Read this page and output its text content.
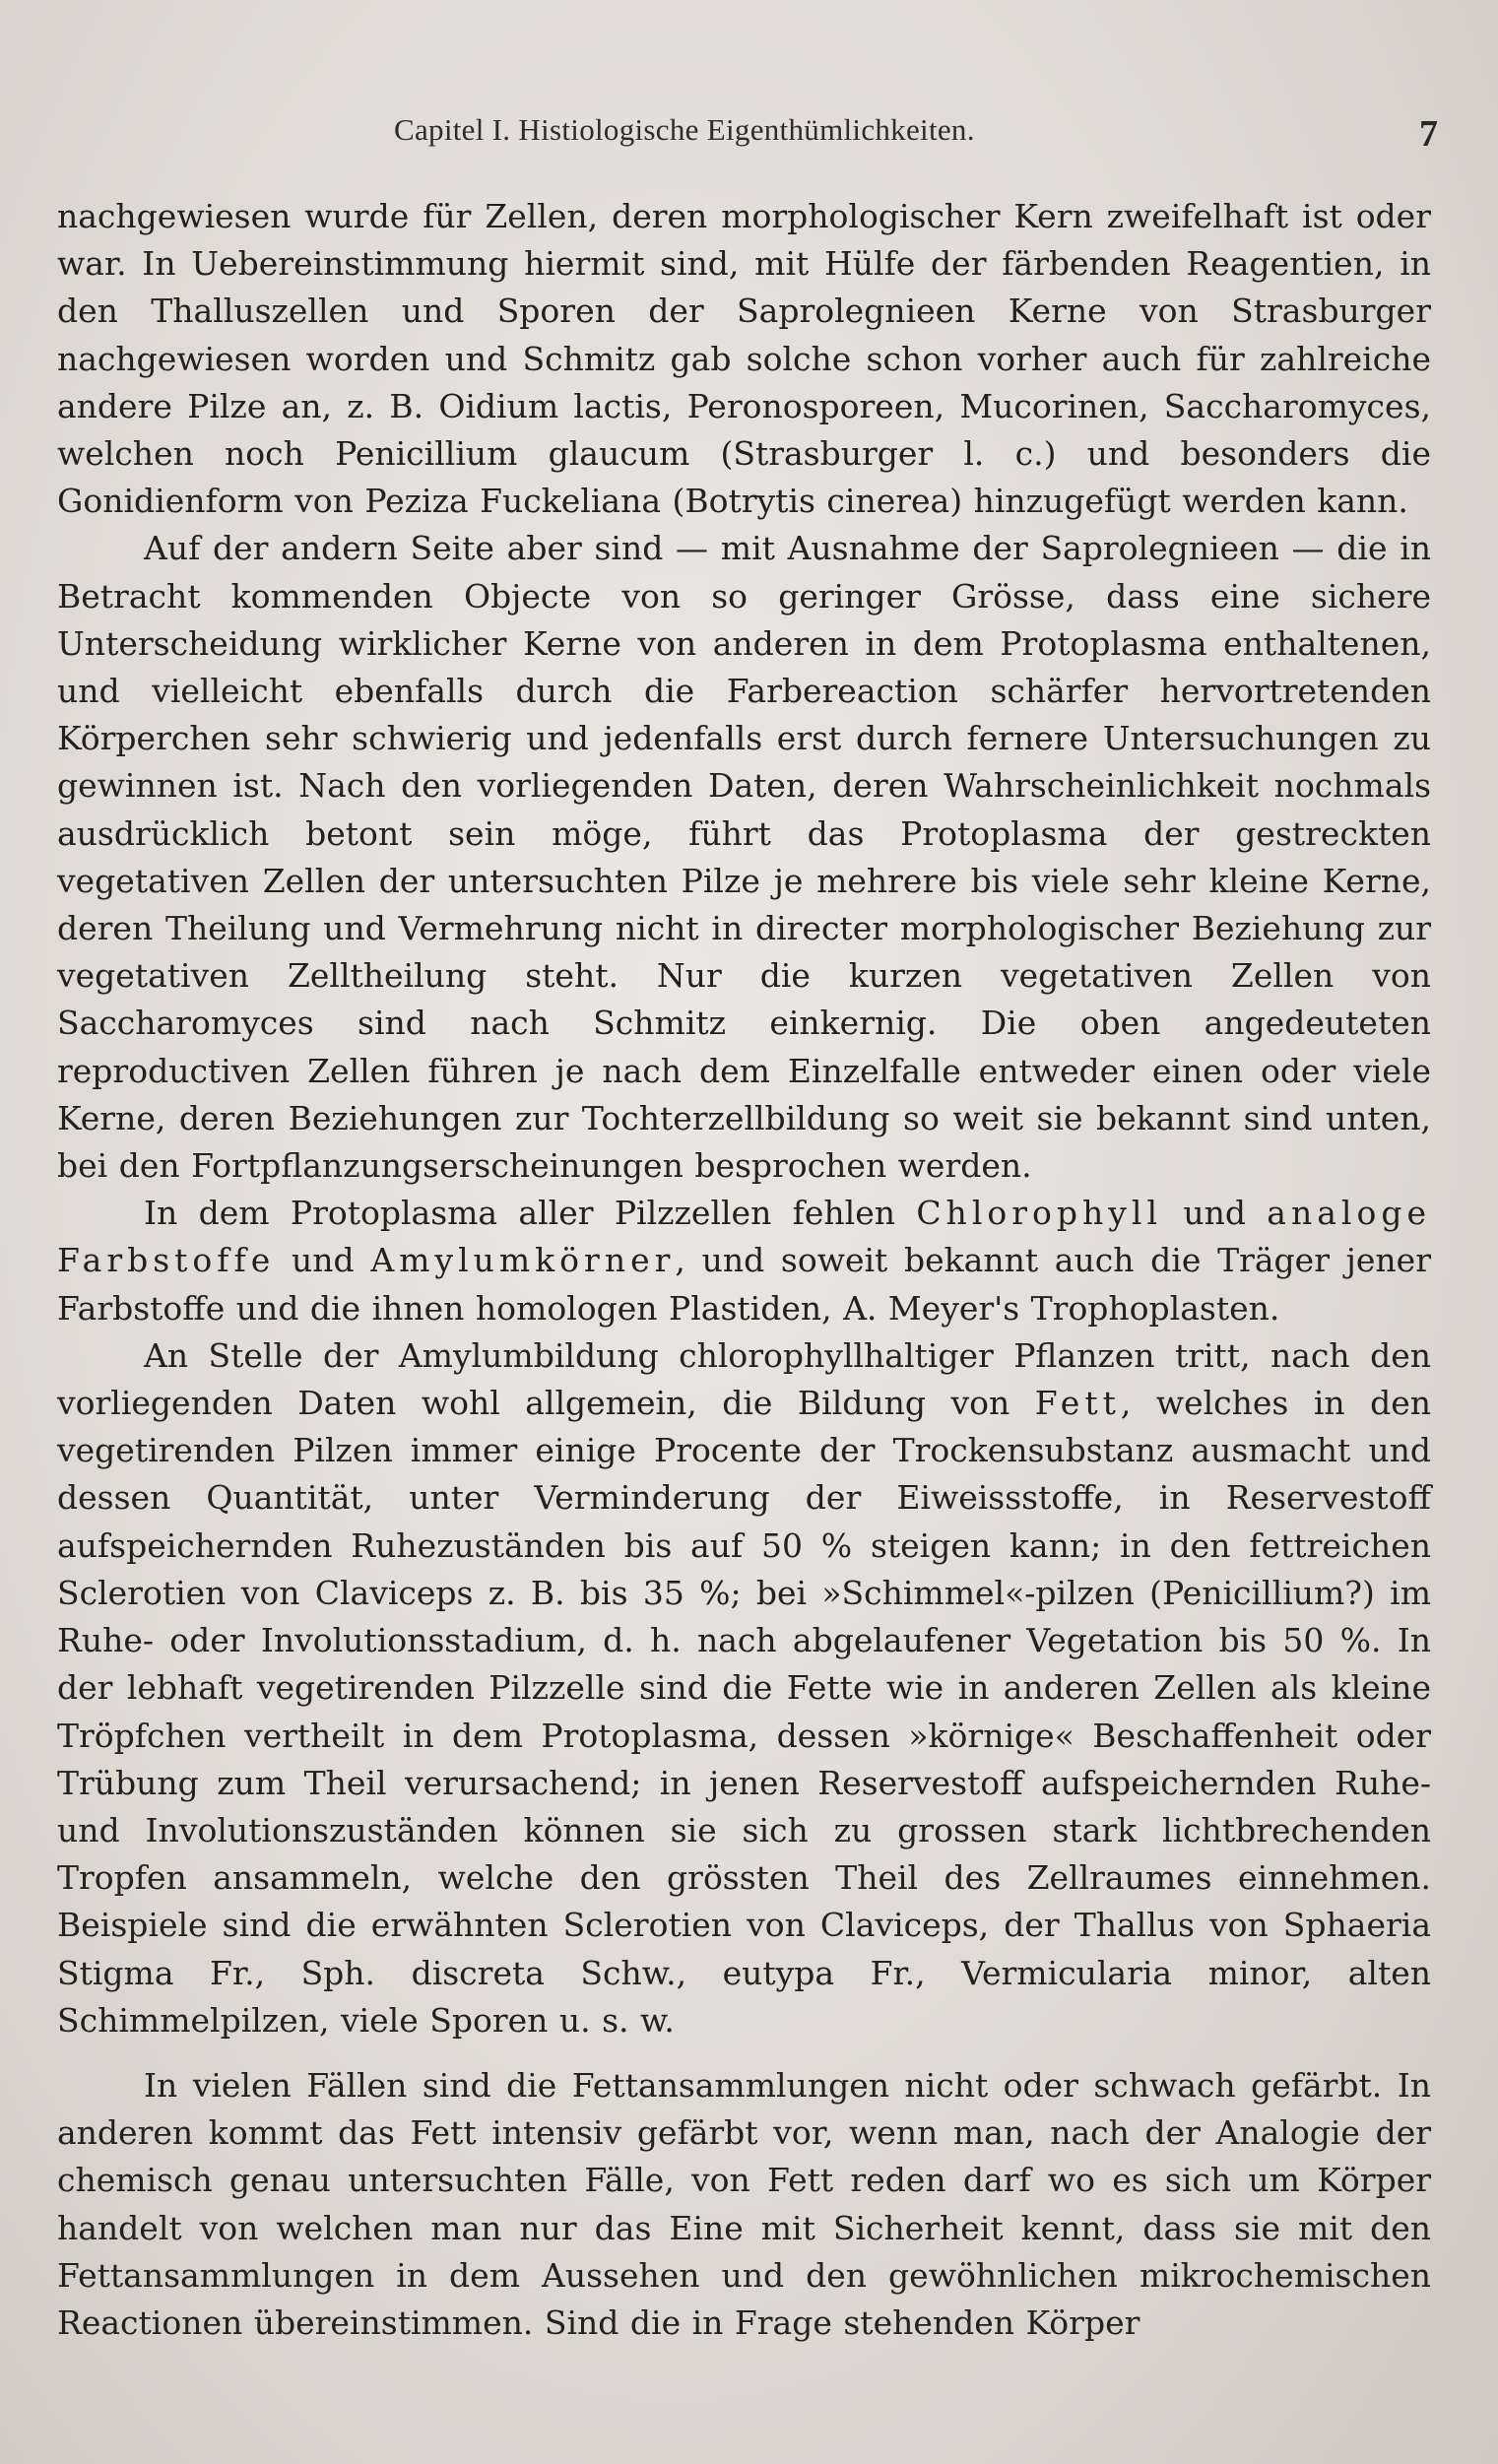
Capitel I. Histiologische Eigenthümlichkeiten.	7

nachgewiesen wurde für Zellen, deren morphologischer Kern zweifelhaft ist oder war. In Uebereinstimmung hiermit sind, mit Hülfe der färbenden Reagentien, in den Thalluszellen und Sporen der Saprolegnieen Kerne von Strasburger nachgewiesen worden und Schmitz gab solche schon vorher auch für zahlreiche andere Pilze an, z. B. Oidium lactis, Peronosporeen, Mucorinen, Saccharomyces, welchen noch Penicillium glaucum (Strasburger l. c.) und besonders die Gonidienform von Peziza Fuckeliana (Botrytis cinerea) hinzugefügt werden kann.

Auf der andern Seite aber sind — mit Ausnahme der Saprolegnieen — die in Betracht kommenden Objecte von so geringer Grösse, dass eine sichere Unterscheidung wirklicher Kerne von anderen in dem Protoplasma enthaltenen, und vielleicht ebenfalls durch die Farbereaction schärfer hervortretenden Körperchen sehr schwierig und jedenfalls erst durch fernere Untersuchungen zu gewinnen ist. Nach den vorliegenden Daten, deren Wahrscheinlichkeit nochmals ausdrücklich betont sein möge, führt das Protoplasma der gestreckten vegetativen Zellen der untersuchten Pilze je mehrere bis viele sehr kleine Kerne, deren Theilung und Vermehrung nicht in directer morphologischer Beziehung zur vegetativen Zelltheilung steht. Nur die kurzen vegetativen Zellen von Saccharomyces sind nach Schmitz einkernig. Die oben angedeuteten reproductiven Zellen führen je nach dem Einzelfalle entweder einen oder viele Kerne, deren Beziehungen zur Tochterzellbildung so weit sie bekannt sind unten, bei den Fortpflanzungserscheinungen besprochen werden.

In dem Protoplasma aller Pilzzellen fehlen Chlorophyll und analoge Farbstoffe und Amylumkörner, und soweit bekannt auch die Träger jener Farbstoffe und die ihnen homologen Plastiden, A. Meyer's Trophoplasten.

An Stelle der Amylumbildung chlorophyllhaltiger Pflanzen tritt, nach den vorliegenden Daten wohl allgemein, die Bildung von Fett, welches in den vegetirenden Pilzen immer einige Procente der Trockensubstanz ausmacht und dessen Quantität, unter Verminderung der Eiweissstoffe, in Reservestoff aufspeichernden Ruhezuständen bis auf 50 % steigen kann; in den fettreichen Sclerotien von Claviceps z. B. bis 35 %; bei »Schimmel«-pilzen (Penicillium?) im Ruhe- oder Involutionsstadium, d. h. nach abgelaufener Vegetation bis 50 %. In der lebhaft vegetirenden Pilzzelle sind die Fette wie in anderen Zellen als kleine Tröpfchen vertheilt in dem Protoplasma, dessen »körnige« Beschaffenheit oder Trübung zum Theil verursachend; in jenen Reservestoff aufspeichernden Ruhe- und Involutionszuständen können sie sich zu grossen stark lichtbrechenden Tropfen ansammeln, welche den grössten Theil des Zellraumes einnehmen. Beispiele sind die erwähnten Sclerotien von Claviceps, der Thallus von Sphaeria Stigma Fr., Sph. discreta Schw., eutypa Fr., Vermicularia minor, alten Schimmelpilzen, viele Sporen u. s. w.

In vielen Fällen sind die Fettansammlungen nicht oder schwach gefärbt. In anderen kommt das Fett intensiv gefärbt vor, wenn man, nach der Analogie der chemisch genau untersuchten Fälle, von Fett reden darf wo es sich um Körper handelt von welchen man nur das Eine mit Sicherheit kennt, dass sie mit den Fettansammlungen in dem Aussehen und den gewöhnlichen mikrochemischen Reactionen übereinstimmen. Sind die in Frage stehenden Körper
